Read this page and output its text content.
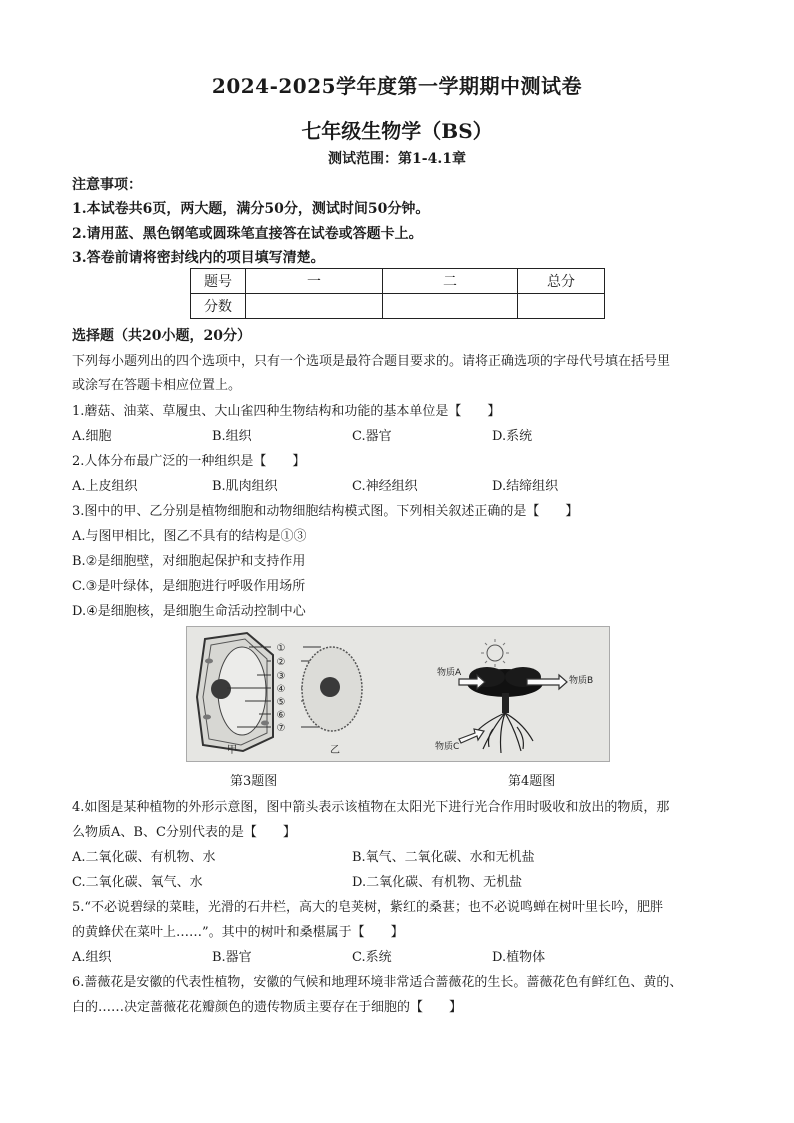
2024-2025学年度第一学期期中测试卷
七年级生物学（BS）
测试范围：第1-4.1章
注意事项：
1.本试卷共6页，两大题，满分50分，测试时间50分钟。
2.请用蓝、黑色钢笔或圆珠笔直接答在试卷或答题卡上。
3.答卷前请将密封线内的项目填写清楚。
题号	一	二	总分
分数			
选择题（共20小题，20分）
下列每小题列出的四个选项中，只有一个选项是最符合题目要求的。请将正确选项的字母代号填在括号里
或涂写在答题卡相应位置上。
1.蘑菇、油菜、草履虫、大山雀四种生物结构和功能的基本单位是【　　】
A.细胞	B.组织	C.器官	D.系统
2.人体分布最广泛的一种组织是【　　】
A.上皮组织	B.肌肉组织	C.神经组织	D.结缔组织
3.图中的甲、乙分别是植物细胞和动物细胞结构模式图。下列相关叙述正确的是【　　】
A.与图甲相比，图乙不具有的结构是①③
B.②是细胞壁，对细胞起保护和支持作用
C.③是叶绿体，是细胞进行呼吸作用场所
D.④是细胞核，是细胞生命活动控制中心
①
②
③
④
⑤
⑥
⑦
甲	乙
物质A
物质B
物质C
第3题图	第4题图
4.如图是某种植物的外形示意图，图中箭头表示该植物在太阳光下进行光合作用时吸收和放出的物质，那
么物质A、B、C分别代表的是【　　】
A.二氧化碳、有机物、水	B.氧气、二氧化碳、水和无机盐
C.二氧化碳、氧气、水	D.二氧化碳、有机物、无机盐
5.“不必说碧绿的菜畦，光滑的石井栏，高大的皂荚树，紫红的桑葚；也不必说鸣蝉在树叶里长吟，肥胖
的黄蜂伏在菜叶上……”。其中的树叶和桑椹属于【　　】
A.组织	B.器官	C.系统	D.植物体
6.蔷薇花是安徽的代表性植物，安徽的气候和地理环境非常适合蔷薇花的生长。蔷薇花色有鲜红色、黄的、
白的……决定蔷薇花花瓣颜色的遗传物质主要存在于细胞的【　　】
